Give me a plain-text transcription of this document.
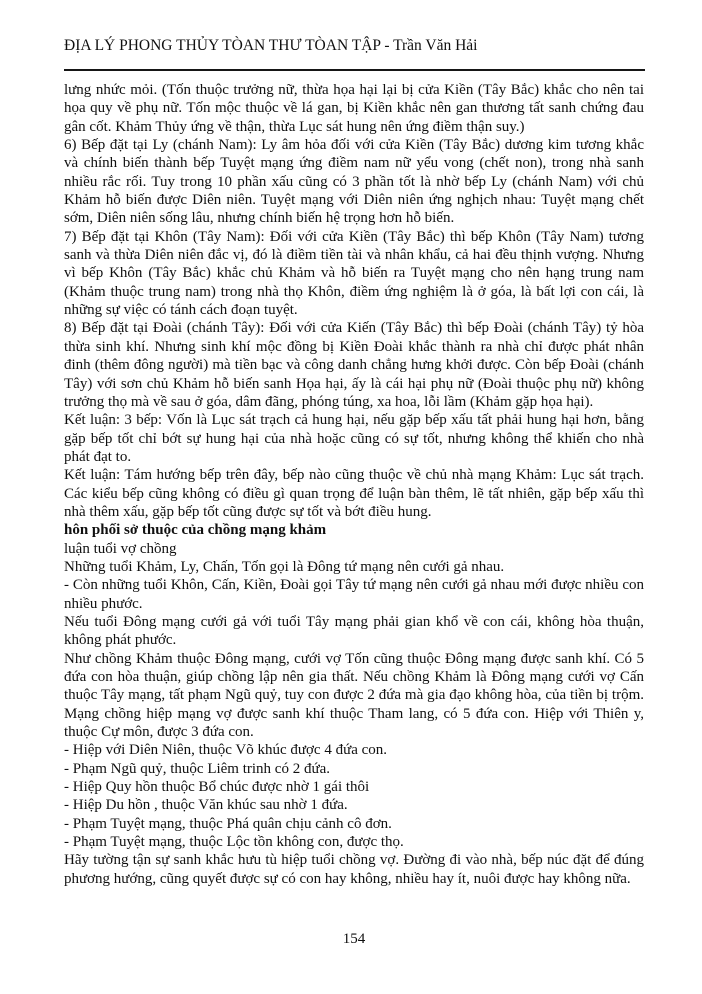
ĐỊA LÝ PHONG THỦY TÒAN THƯ TÒAN TẬP - Trần Văn Hải

lưng nhức mỏi. (Tốn thuộc trưởng nữ, thừa họa hại lại bị cửa Kiền (Tây Bắc) khắc cho nên tai họa quy về phụ nữ. Tốn mộc thuộc về lá gan, bị Kiền khắc nên gan thương tất sanh chứng đau gân cốt. Khảm Thủy ứng về thận, thừa Lục sát hung nên ứng điềm thận suy.)

6) Bếp đặt tại Ly (chánh Nam): Ly âm hỏa đối với cửa Kiền (Tây Bắc) dương kim tương khắc và chính biến thành bếp Tuyệt mạng ứng điềm nam nữ yểu vong (chết non), trong nhà sanh nhiều rắc rối. Tuy trong 10 phần xấu cũng có 3 phần tốt là nhờ bếp Ly (chánh Nam) với chủ Khảm hỗ biến được Diên niên. Tuyệt mạng với Diên niên ứng nghịch nhau: Tuyệt mạng chết sớm, Diên niên sống lâu, nhưng chính biến hệ trọng hơn hỗ biến.

7) Bếp đặt tại Khôn (Tây Nam): Đối với cửa Kiền (Tây Bắc) thì bếp Khôn (Tây Nam) tương sanh và thừa Diên niên đắc vị, đó là điềm tiền tài và nhân khẩu, cả hai đều thịnh vượng. Nhưng vì bếp Khôn (Tây Bắc) khắc chủ Khảm và hỗ biến ra Tuyệt mạng cho nên hạng trung nam (Khảm thuộc trung nam) trong nhà thọ Khôn, điềm ứng nghiệm là ở góa, là bất lợi con cái, là những sự việc có tánh cách đoạn tuyệt.

8) Bếp đặt tại Đoài (chánh Tây): Đối với cửa Kiến (Tây Bắc) thì bếp Đoài (chánh Tây) tỷ hòa thừa sinh khí. Nhưng sinh khí mộc đồng bị Kiền Đoài khắc thành ra nhà chỉ được phát nhân đinh (thêm đông người) mà tiền bạc và công danh chẳng hưng khởi được. Còn bếp Đoài (chánh Tây) với sơn chủ Khảm hỗ biến sanh Họa hại, ấy là cái hại phụ nữ (Đoài thuộc phụ nữ) không trưởng thọ mà về sau ở góa, dâm đãng, phóng túng, xa hoa, lỗi lầm (Khảm gặp họa hại).

Kết luận: 3 bếp: Vốn là Lục sát trạch cả hung hại, nếu gặp bếp xấu tất phải hung hại hơn, bằng gặp bếp tốt chỉ bớt sự hung hại của nhà hoặc cũng có sự tốt, nhưng không thể khiến cho nhà phát đạt to.

Kết luận: Tám hướng bếp trên đây, bếp nào cũng thuộc về chủ nhà mạng Khảm: Lục sát trạch. Các kiểu bếp cũng không có điều gì quan trọng để luận bàn thêm, lẽ tất nhiên, gặp bếp xấu thì nhà thêm xấu, gặp bếp tốt cũng được sự tốt và bớt điều hung.

hôn phối sở thuộc của chồng mạng khảm

luận tuổi vợ chồng

Những tuổi Khảm, Ly, Chấn, Tốn gọi là Đông tứ mạng nên cưới gả nhau.

- Còn những tuổi Khôn, Cấn, Kiền, Đoài gọi Tây tứ mạng nên cưới gả nhau mới được nhiều con nhiều phước.

Nếu tuổi Đông mạng cưới gả với tuổi Tây mạng phải gian khổ về con cái, không hòa thuận, không phát phước.

Như chồng Khảm thuộc Đông mạng, cưới vợ Tốn cũng thuộc Đông mạng được sanh khí. Có 5 đứa con hòa thuận, giúp chồng lập nên gia thất. Nếu chồng Khảm là Đông mạng cưới vợ Cấn thuộc Tây mạng, tất phạm Ngũ quỷ, tuy con được 2 đứa mà gia đạo không hòa, của tiền bị trộm. Mạng chồng hiệp mạng vợ được sanh khí thuộc Tham lang, có 5 đứa con. Hiệp với Thiên y, thuộc Cự môn, được 3 đứa con.

- Hiệp với Diên Niên, thuộc Võ khúc được 4 đứa con.

- Phạm Ngũ quỷ, thuộc Liêm trinh có 2 đứa.

- Hiệp Quy hồn thuộc Bổ chúc được nhờ 1 gái thôi

- Hiệp Du hồn , thuộc Văn khúc sau nhờ 1 đứa.

- Phạm Tuyệt mạng, thuộc Phá quân chịu cảnh cô đơn.

- Phạm Tuyệt mạng, thuộc Lộc tồn không con, được thọ.

Hãy tường tận sự sanh khắc hưu tù hiệp tuổi chồng vợ. Đường đi vào nhà, bếp núc đặt để đúng phương hướng, cũng quyết được sự có con hay không, nhiều hay ít, nuôi được hay không nữa.

154
